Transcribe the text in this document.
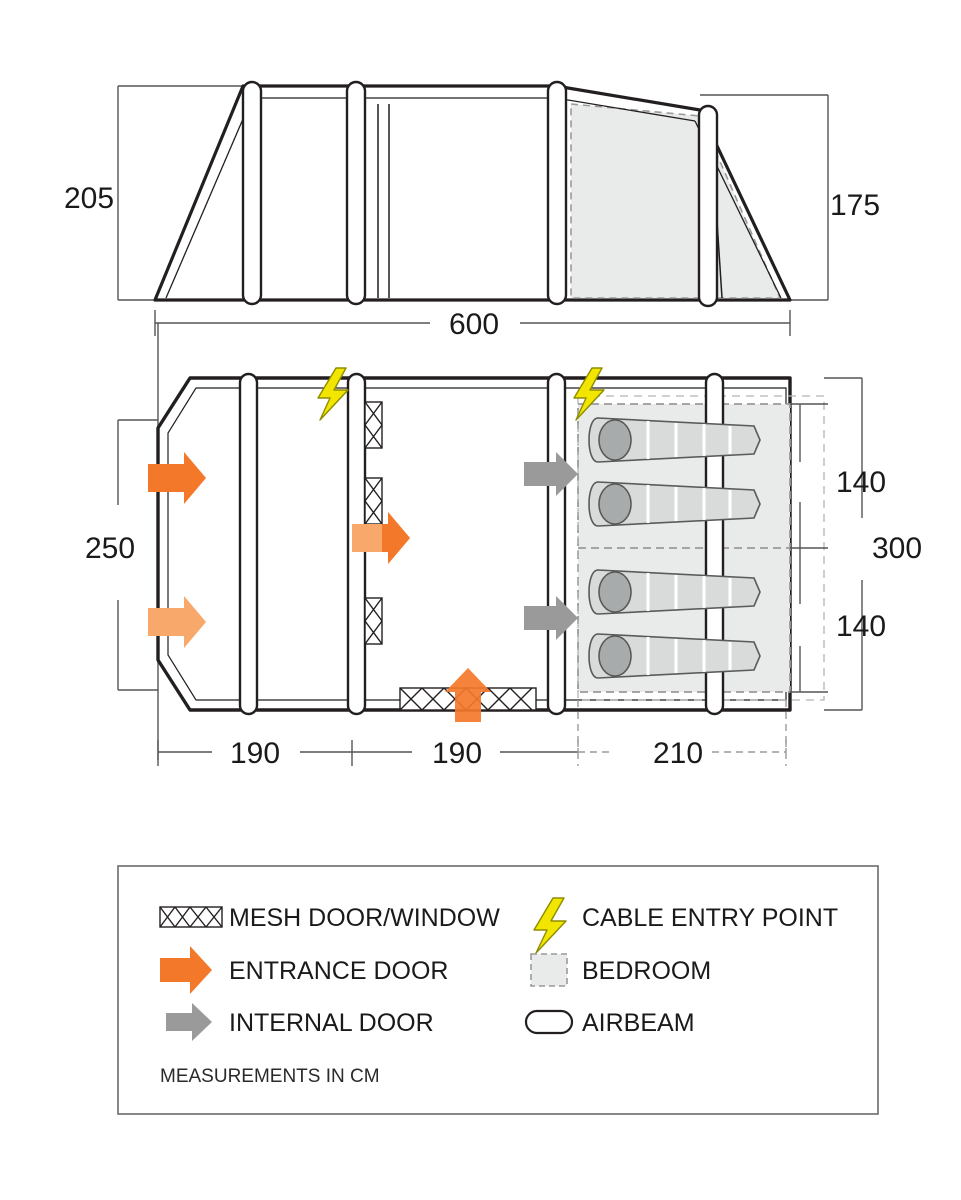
205	175
600
250
140
140
300
190	190	210
MESH DOOR/WINDOW
ENTRANCE DOOR
INTERNAL DOOR
CABLE ENTRY POINT
BEDROOM
AIRBEAM
MEASUREMENTS IN CM
